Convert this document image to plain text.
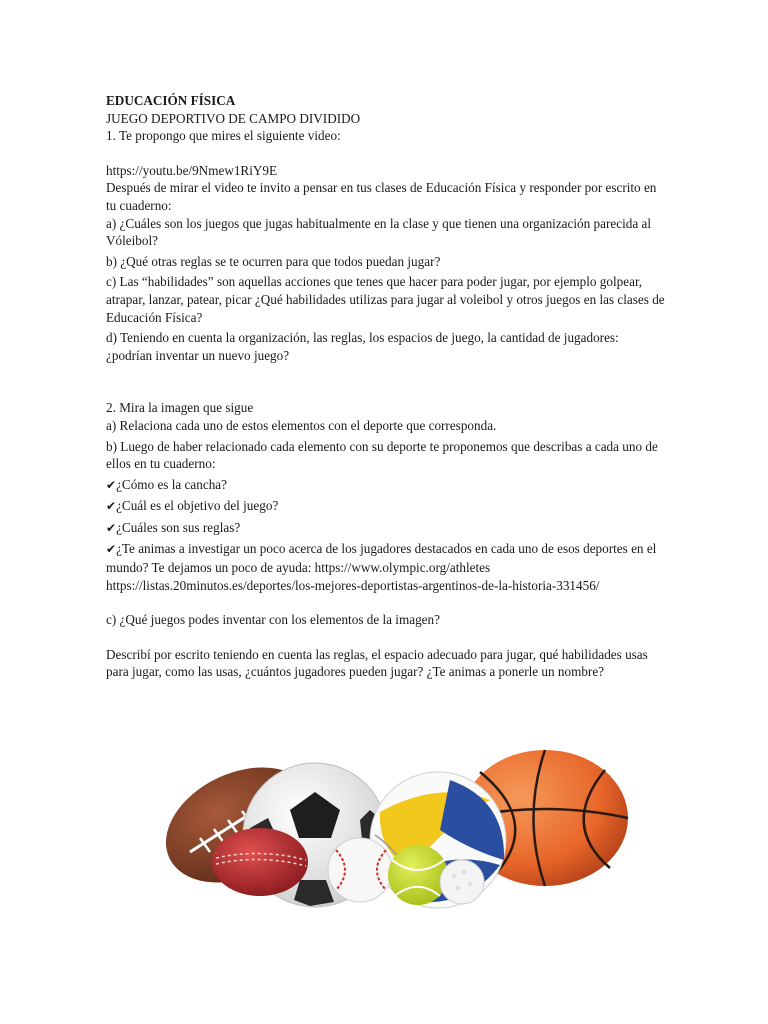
EDUCACIÓN FÍSICA

JUEGO DEPORTIVO DE CAMPO DIVIDIDO

1. Te propongo que mires el siguiente video:

https://youtu.be/9Nmew1RiY9E

Después de mirar el video te invito a pensar en tus clases de Educación Física y responder por escrito en tu cuaderno:

a) ¿Cuáles son los juegos que jugas habitualmente en la clase y que tienen una organización parecida al Vóleibol?

b) ¿Qué otras reglas se te ocurren para que todos puedan jugar?

c) Las “habilidades” son aquellas acciones que tenes que hacer para poder jugar, por ejemplo golpear, atrapar, lanzar, patear, picar ¿Qué habilidades utilizas para jugar al voleibol y otros juegos en las clases de Educación Física?

d) Teniendo en cuenta la organización, las reglas, los espacios de juego, la cantidad de jugadores: ¿podrían inventar un nuevo juego?

2. Mira la imagen que sigue

a) Relaciona cada uno de estos elementos con el deporte que corresponda.

b) Luego de haber relacionado cada elemento con su deporte te proponemos que describas a cada uno de ellos en tu cuaderno:

✔¿Cómo es la cancha?

✔¿Cuál es el objetivo del juego?

✔¿Cuáles son sus reglas?

✔¿Te animas a investigar un poco acerca de los jugadores destacados en cada uno de esos deportes en el mundo? Te dejamos un poco de ayuda: https://www.olympic.org/athletes

https://listas.20minutos.es/deportes/los-mejores-deportistas-argentinos-de-la-historia-331456/

c) ¿Qué juegos podes inventar con los elementos de la imagen?

Describí por escrito teniendo en cuenta las reglas, el espacio adecuado para jugar, qué habilidades usas para jugar, como las usas, ¿cuántos jugadores pueden jugar? ¿Te animas a ponerle un nombre?
